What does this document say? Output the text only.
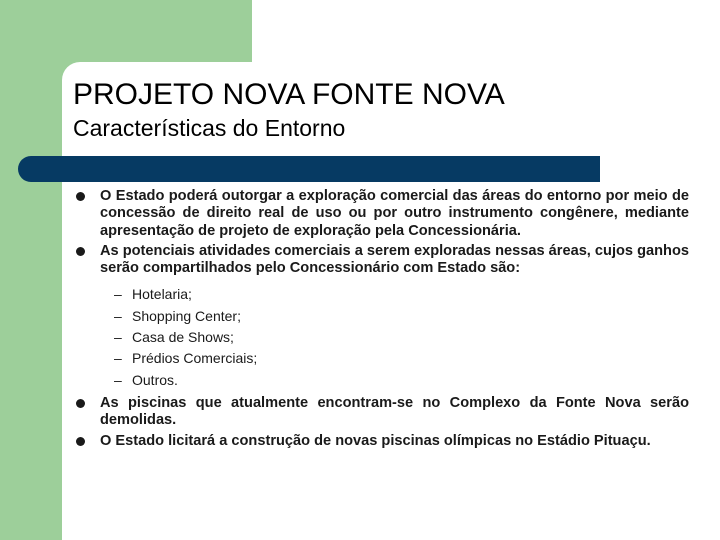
PROJETO NOVA FONTE NOVA
Características do Entorno
O Estado poderá outorgar a exploração comercial das áreas do entorno por meio de concessão de direito real de uso ou por outro instrumento congênere, mediante apresentação de projeto de exploração pela Concessionária.
As potenciais atividades comerciais a serem exploradas nessas áreas, cujos ganhos serão compartilhados pelo Concessionário com Estado são:
– Hotelaria;
– Shopping Center;
– Casa de Shows;
– Prédios Comerciais;
– Outros.
As piscinas que atualmente encontram-se no Complexo da Fonte Nova serão demolidas.
O Estado licitará a construção de novas piscinas olímpicas no Estádio Pituaçu.
